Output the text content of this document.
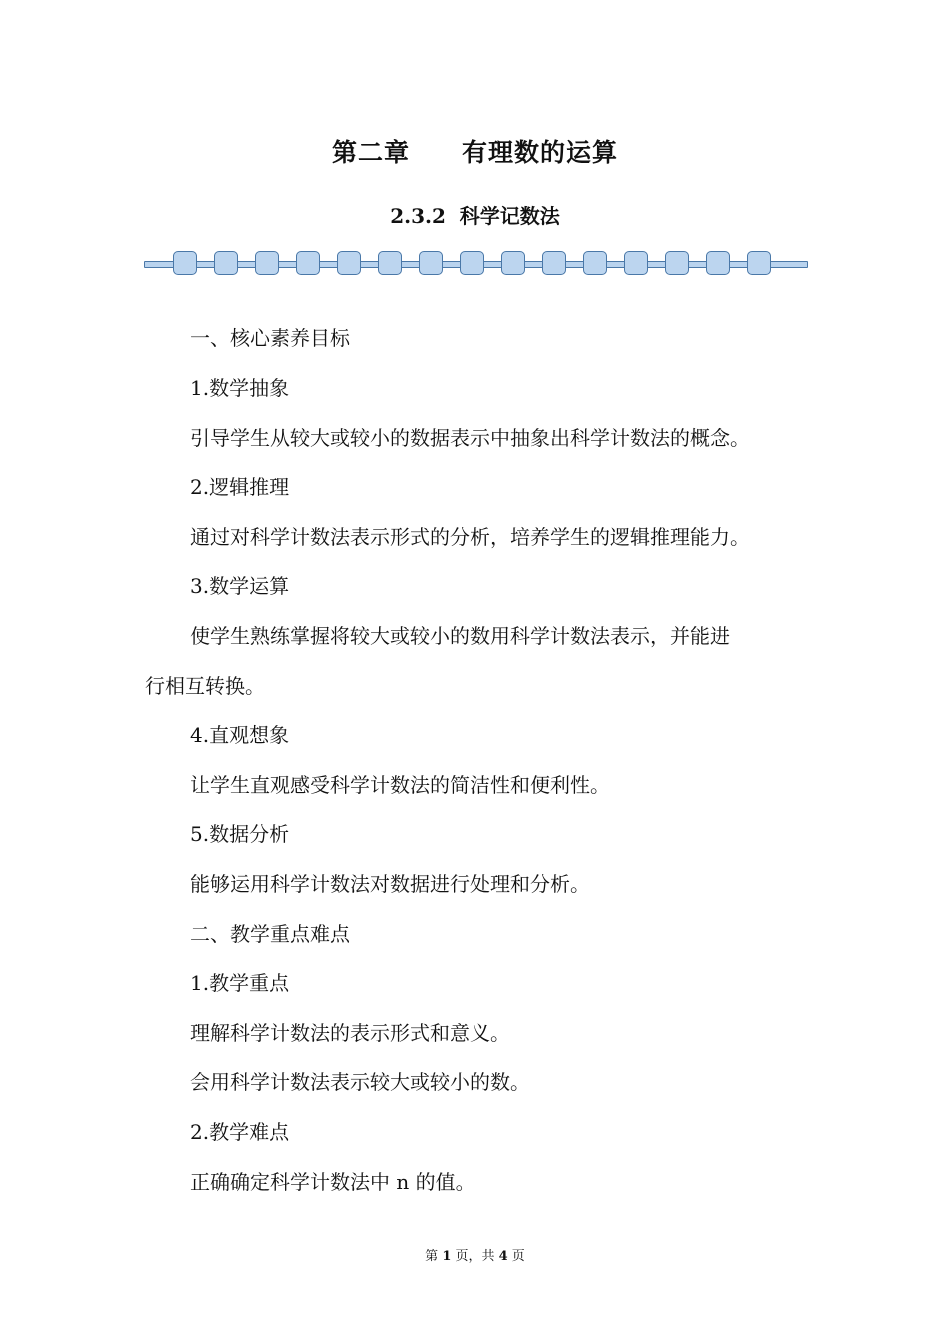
第二章　　有理数的运算
2.3.2  科学记数法
一、核心素养目标
1.数学抽象
引导学生从较大或较小的数据表示中抽象出科学计数法的概念。
2.逻辑推理
通过对科学计数法表示形式的分析，培养学生的逻辑推理能力。
3.数学运算
使学生熟练掌握将较大或较小的数用科学计数法表示，并能进
行相互转换。
4.直观想象
让学生直观感受科学计数法的简洁性和便利性。
5.数据分析
能够运用科学计数法对数据进行处理和分析。
二、教学重点难点
1.教学重点
理解科学计数法的表示形式和意义。
会用科学计数法表示较大或较小的数。
2.教学难点
正确确定科学计数法中 n 的值。
第 1 页，共 4 页
